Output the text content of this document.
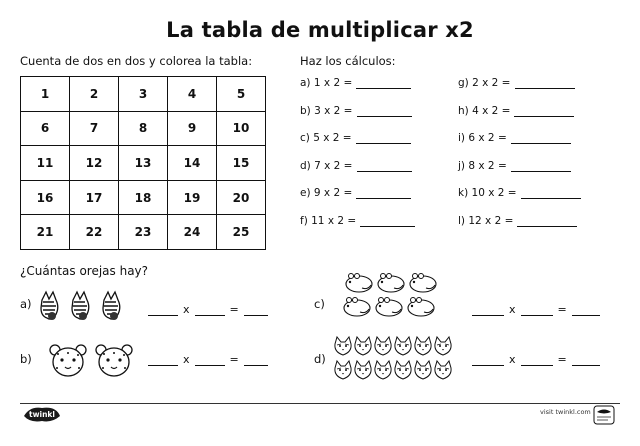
La tabla de multiplicar x2
Cuenta de dos en dos y colorea la tabla:
1	2	3	4	5
6	7	8	9	10
11	12	13	14	15
16	17	18	19	20
21	22	23	24	25
Haz los cálculos:
a) 1 x 2 =
b) 3 x 2 =
c) 5 x 2 =
d) 7 x 2 =
e) 9 x 2 =
f) 11 x 2 =
g) 2 x 2 =
h) 4 x 2 =
i) 6 x 2 =
j) 8 x 2 =
k) 10 x 2 =
l) 12 x 2 =
¿Cuántas orejas hay?
a)	x	=
b)	x	=
c)	x	=
d)	x	=
twinkl	visit twinkl.com
